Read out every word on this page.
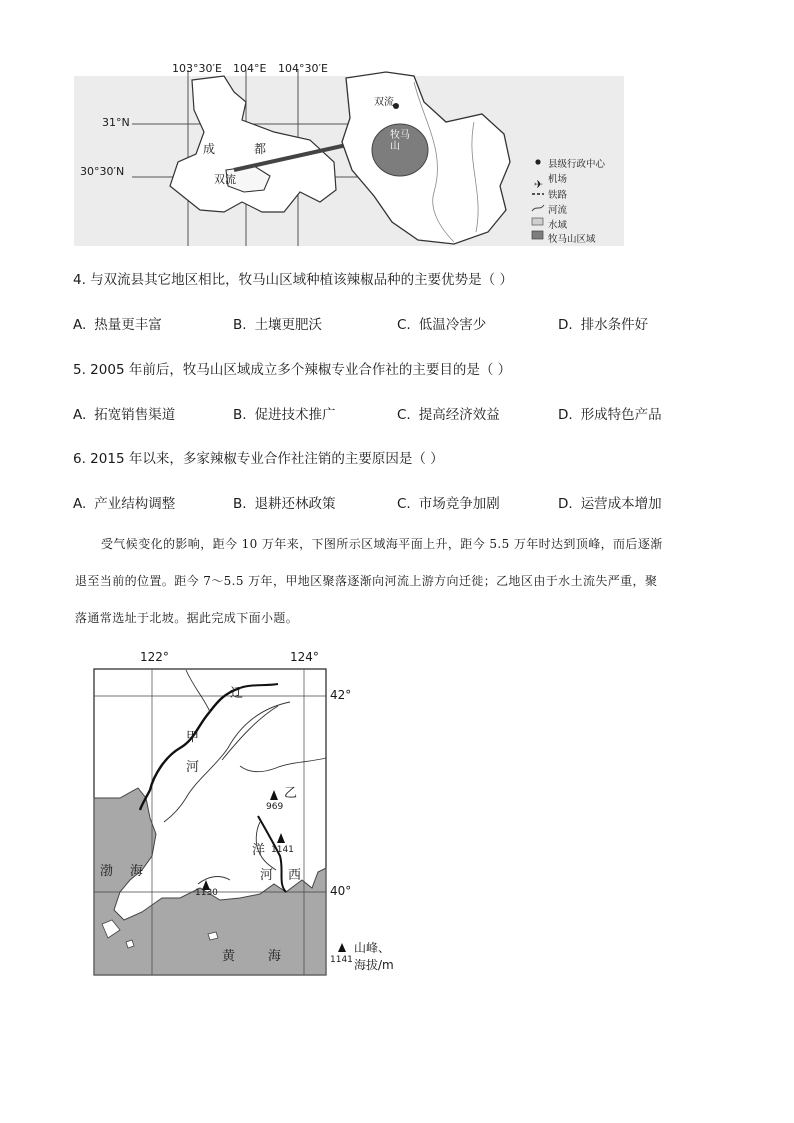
✈
103°30′E 104°E 104°30′E
31°N
30°30′N
成	都
双流
双流
牧马山
县级行政中心
机场
铁路
河流
水域
牧马山区域
4. 与双流县其它地区相比，牧马山区域种植该辣椒品种的主要优势是（ ）
A. 热量更丰富	B. 土壤更肥沃	C. 低温冷害少	D. 排水条件好
5. 2005 年前后，牧马山区域成立多个辣椒专业合作社的主要目的是（ ）
A. 拓宽销售渠道	B. 促进技术推广	C. 提高经济效益	D. 形成特色产品
6. 2015 年以来，多家辣椒专业合作社注销的主要原因是（ ）
A. 产业结构调整	B. 退耕还林政策	C. 市场竞争加剧	D. 运营成本增加
受气候变化的影响，距今 10 万年来，下图所示区域海平面上升，距今 5.5 万年时达到顶峰，而后逐渐
退至当前的位置。距今 7～5.5 万年，甲地区聚落逐渐向河流上游方向迁徙；乙地区由于水土流失严重，聚
落通常选址于北坡。据此完成下面小题。
122°	124°
42°
40°
辽
甲
河
乙
洋
河 西
渤 海
黄	海
969
1141
1130
1141
山峰、
海拔/m
